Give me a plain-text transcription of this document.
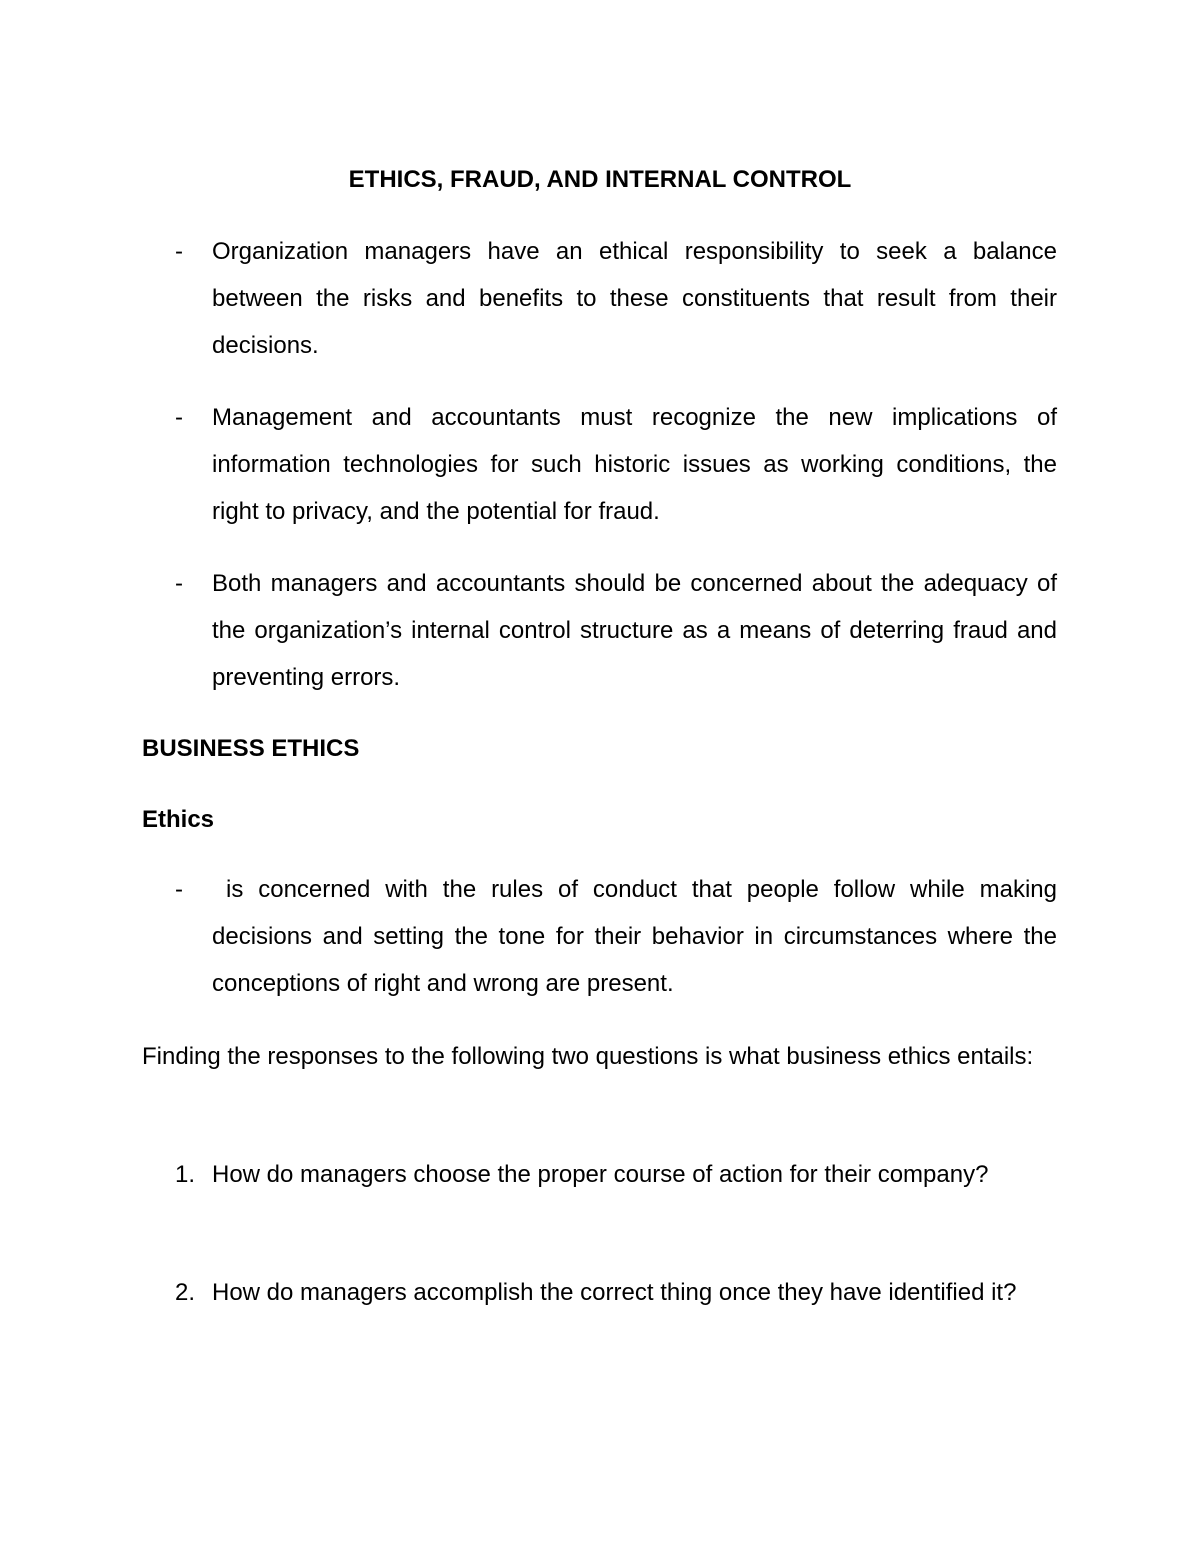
ETHICS, FRAUD, AND INTERNAL CONTROL
-	Organization managers have an ethical responsibility to seek a balance between the risks and benefits to these constituents that result from their decisions.
-	Management and accountants must recognize the new implications of information technologies for such historic issues as working conditions, the right to privacy, and the potential for fraud.
-	Both managers and accountants should be concerned about the adequacy of the organization’s internal control structure as a means of deterring fraud and preventing errors.
BUSINESS ETHICS
Ethics
-	is concerned with the rules of conduct that people follow while making decisions and setting the tone for their behavior in circumstances where the conceptions of right and wrong are present.

Finding the responses to the following two questions is what business ethics entails:

1. How do managers choose the proper course of action for their company?
2. How do managers accomplish the correct thing once they have identified it?
